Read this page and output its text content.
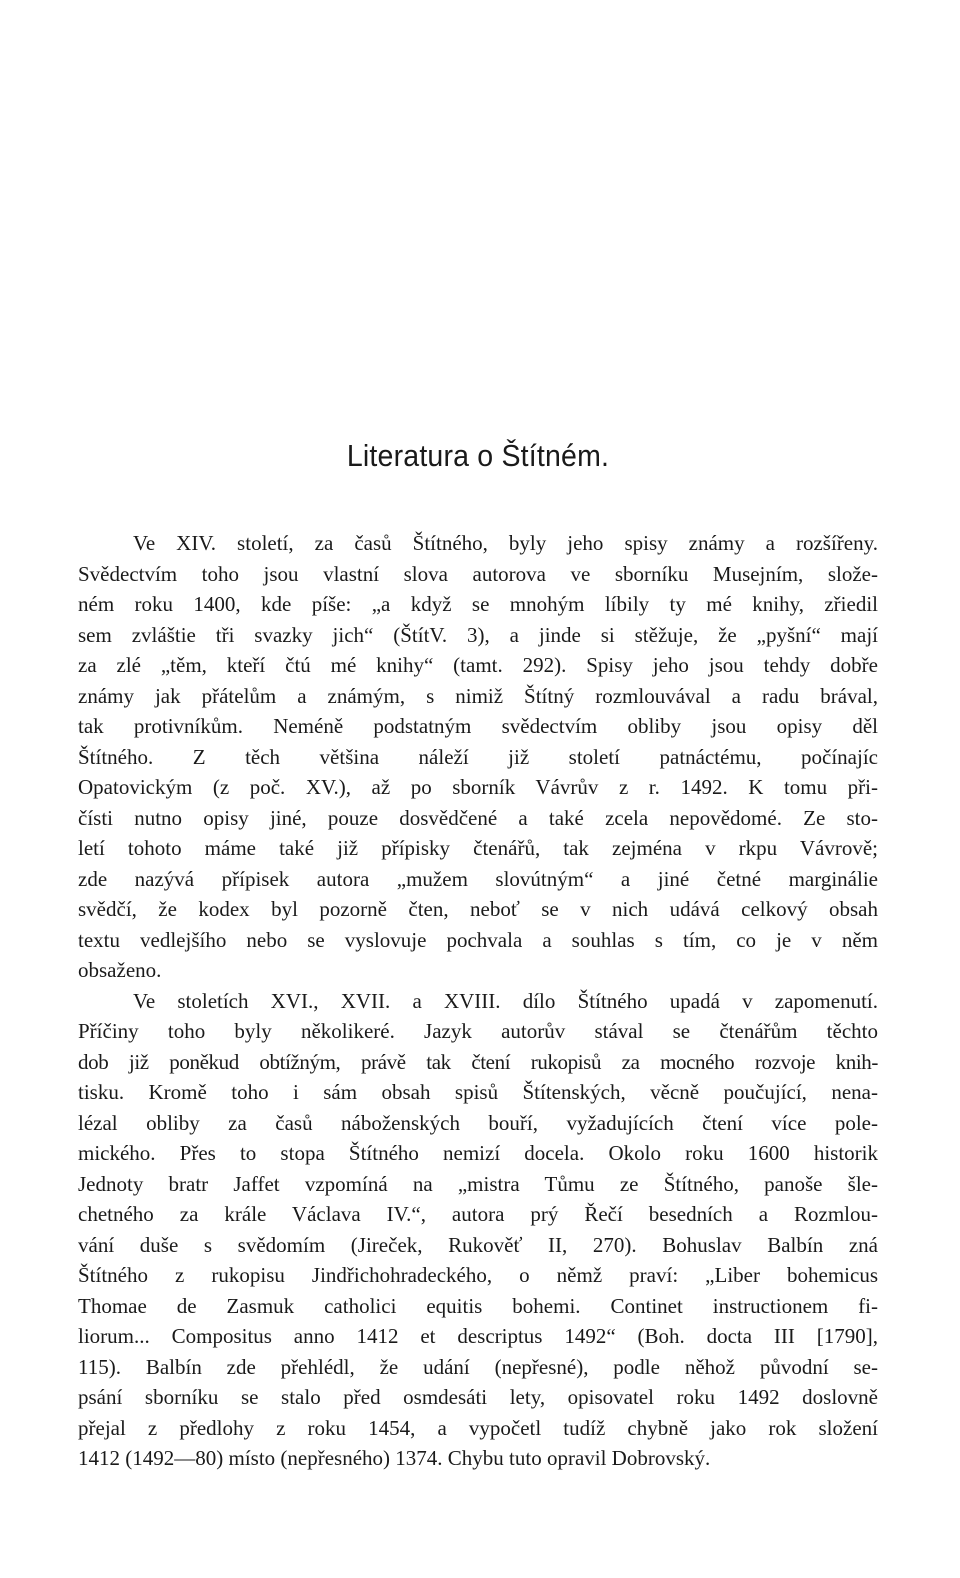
Literatura o Štítném.
Ve XIV. století, za časů Štítného, byly jeho spisy známy a rozšířeny.
Svědectvím toho jsou vlastní slova autorova ve sborníku Musejním, slože-
ném roku 1400, kde píše: „a když se mnohým líbily ty mé knihy, zřiedil
sem zvláštie tři svazky jich“ (ŠtítV. 3), a jinde si stěžuje, že „pyšní“ mají
za zlé „těm, kteří čtú mé knihy“ (tamt. 292). Spisy jeho jsou tehdy dobře
známy jak přátelům a známým, s nimiž Štítný rozmlouvával a radu brával,
tak protivníkům. Neméně podstatným svědectvím obliby jsou opisy děl
Štítného. Z těch většina náleží již století patnáctému, počínajíc
Opatovickým (z poč. XV.), až po sborník Vávrův z r. 1492. K tomu při-
čísti nutno opisy jiné, pouze dosvědčené a také zcela nepovědomé. Ze sto-
letí tohoto máme také již přípisky čtenářů, tak zejména v rkpu Vávrově;
zde nazývá přípisek autora „mužem slovútným“ a jiné četné marginálie
svědčí, že kodex byl pozorně čten, neboť se v nich udává celkový obsah
textu vedlejšího nebo se vyslovuje pochvala a souhlas s tím, co je v něm
obsaženo.
Ve stoletích XVI., XVII. a XVIII. dílo Štítného upadá v zapomenutí.
Příčiny toho byly několikeré. Jazyk autorův stával se čtenářům těchto
dob již poněkud obtížným, právě tak čtení rukopisů za mocného rozvoje knih-
tisku. Kromě toho i sám obsah spisů Štítenských, věcně poučující, nena-
lézal obliby za časů náboženských bouří, vyžadujících čtení více pole-
mického. Přes to stopa Štítného nemizí docela. Okolo roku 1600 historik
Jednoty bratr Jaffet vzpomíná na „mistra Tůmu ze Štítného, panoše šle-
chetného za krále Václava IV.“, autora prý Řečí besedních a Rozmlou-
vání duše s svědomím (Jireček, Rukověť II, 270). Bohuslav Balbín zná
Štítného z rukopisu Jindřichohradeckého, o němž praví: „Liber bohemicus
Thomae de Zasmuk catholici equitis bohemi. Continet instructionem fi-
liorum... Compositus anno 1412 et descriptus 1492“ (Boh. docta III [1790],
115). Balbín zde přehlédl, že udání (nepřesné), podle něhož původní se-
psání sborníku se stalo před osmdesáti lety, opisovatel roku 1492 doslovně
přejal z předlohy z roku 1454, a vypočetl tudíž chybně jako rok složení
1412 (1492—80) místo (nepřesného) 1374. Chybu tuto opravil Dobrovský.
